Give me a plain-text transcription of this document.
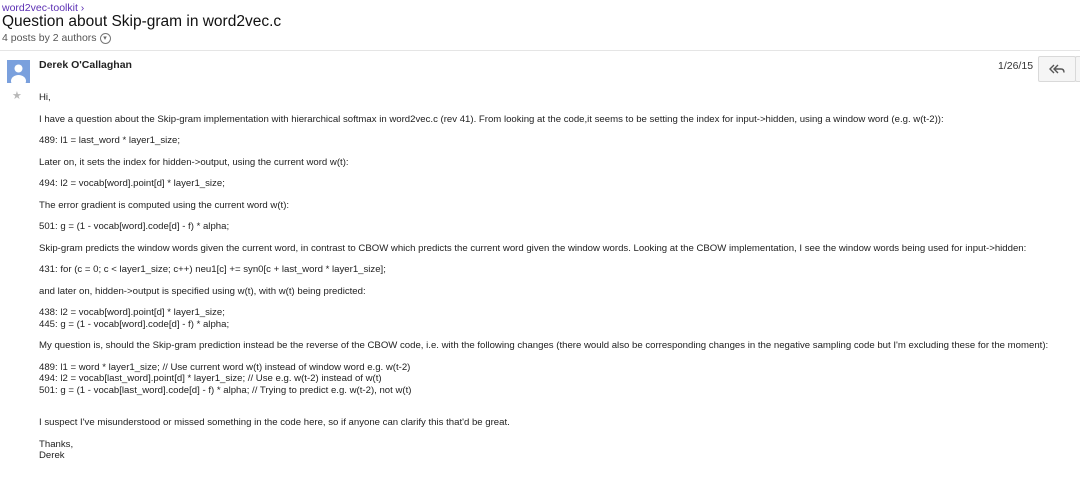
word2vec-toolkit ›
Question about Skip-gram in word2vec.c
4 posts by 2 authors ▾
★
Derek O'Callaghan	1/26/15

Hi,

I have a question about the Skip-gram implementation with hierarchical softmax in word2vec.c (rev 41). From looking at the code,it seems to be setting the index for input->hidden, using a window word (e.g. w(t-2)):

489: l1 = last_word * layer1_size;

Later on, it sets the index for hidden->output, using the current word w(t):

494: l2 = vocab[word].point[d] * layer1_size;

The error gradient is computed using the current word w(t):

501: g = (1 - vocab[word].code[d] - f) * alpha;

Skip-gram predicts the window words given the current word, in contrast to CBOW which predicts the current word given the window words. Looking at the CBOW implementation, I see the window words being used for input->hidden:

431: for (c = 0; c < layer1_size; c++) neu1[c] += syn0[c + last_word * layer1_size];

and later on, hidden->output is specified using w(t), with w(t) being predicted:

438: l2 = vocab[word].point[d] * layer1_size;

445: g = (1 - vocab[word].code[d] - f) * alpha;

My question is, should the Skip-gram prediction instead be the reverse of the CBOW code, i.e. with the following changes (there would also be corresponding changes in the negative sampling code but I'm excluding these for the moment):

489: l1 = word * layer1_size; // Use current word w(t) instead of window word e.g. w(t-2)

494: l2 = vocab[last_word].point[d] * layer1_size; // Use e.g. w(t-2) instead of w(t)

501: g = (1 - vocab[last_word].code[d] - f) * alpha; // Trying to predict e.g. w(t-2), not w(t)

I suspect I've misunderstood or missed something in the code here, so if anyone can clarify this that'd be great.

Thanks,

Derek
